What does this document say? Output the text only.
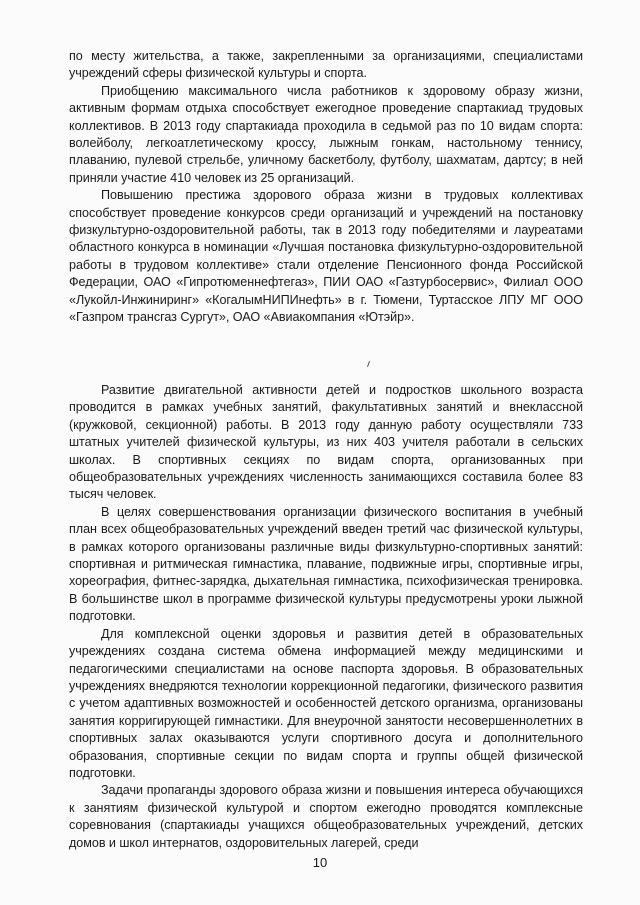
по месту жительства, а также, закрепленными за организациями, специалистами учреждений сферы физической культуры и спорта.

Приобщению максимального числа работников к здоровому образу жизни, активным формам отдыха способствует ежегодное проведение спартакиад трудовых коллективов. В 2013 году спартакиада проходила в седьмой раз по 10 видам спорта: волейболу, легкоатлетическому кроссу, лыжным гонкам, настольному теннису, плаванию, пулевой стрельбе, уличному баскетболу, футболу, шахматам, дартсу; в ней приняли участие 410 человек из 25 организаций.

Повышению престижа здорового образа жизни в трудовых коллективах способствует проведение конкурсов среди организаций и учреждений на постановку физкультурно-оздоровительной работы, так в 2013 году победителями и лауреатами областного конкурса в номинации «Лучшая постановка физкультурно-оздоровительной работы в трудовом коллективе» стали отделение Пенсионного фонда Российской Федерации, ОАО «Гипротюменнефтегаз», ПИИ ОАО «Газтурбосервис», Филиал ООО «Лукойл-Инжиниринг» «КогалымНИПИнефть» в г. Тюмени, Туртасское ЛПУ МГ ООО «Газпром трансгаз Сургут», ОАО «Авиакомпания «Ютэйр».

Развитие двигательной активности детей и подростков школьного возраста проводится в рамках учебных занятий, факультативных занятий и внеклассной (кружковой, секционной) работы. В 2013 году данную работу осуществляли 733 штатных учителей физической культуры, из них 403 учителя работали в сельских школах. В спортивных секциях по видам спорта, организованных при общеобразовательных учреждениях численность занимающихся составила более 83 тысяч человек.

В целях совершенствования организации физического воспитания в учебный план всех общеобразовательных учреждений введен третий час физической культуры, в рамках которого организованы различные виды физкультурно-спортивных занятий: спортивная и ритмическая гимнастика, плавание, подвижные игры, спортивные игры, хореография, фитнес-зарядка, дыхательная гимнастика, психофизическая тренировка. В большинстве школ в программе физической культуры предусмотрены уроки лыжной подготовки.

Для комплексной оценки здоровья и развития детей в образовательных учреждениях создана система обмена информацией между медицинскими и педагогическими специалистами на основе паспорта здоровья. В образовательных учреждениях внедряются технологии коррекционной педагогики, физического развития с учетом адаптивных возможностей и особенностей детского организма, организованы занятия корригирующей гимнастики. Для внеурочной занятости несовершеннолетних в спортивных залах оказываются услуги спортивного досуга и дополнительного образования, спортивные секции по видам спорта и группы общей физической подготовки.

Задачи пропаганды здорового образа жизни и повышения интереса обучающихся к занятиям физической культурой и спортом ежегодно проводятся комплексные соревнования (спартакиады учащихся общеобразовательных учреждений, детских домов и школ интернатов, оздоровительных лагерей, среди

10
